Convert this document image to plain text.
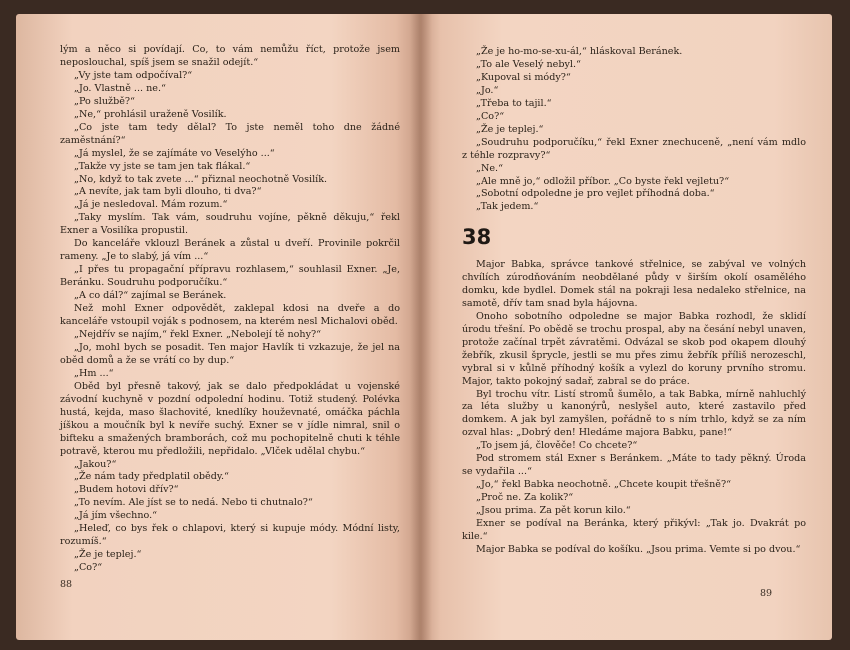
lým a něco si povídají. Co, to vám nemůžu říct, protože jsem neposlouchal, spíš jsem se snažil odejít.“

„Vy jste tam odpočíval?“

„Jo. Vlastně ... ne.“

„Po službě?“

„Ne,“ prohlásil uraženě Vosilík.

„Co jste tam tedy dělal? To jste neměl toho dne žádné zaměstnání?“

„Já myslel, že se zajímáte vo Veselýho ...“

„Takže vy jste se tam jen tak flákal.“

„No, když to tak zvete ...“ přiznal neochotně Vosilík.

„A nevíte, jak tam byli dlouho, ti dva?“

„Já je nesledoval. Mám rozum.“

„Taky myslím. Tak vám, soudruhu vojíne, pěkně děkuju,“ řekl Exner a Vosilíka propustil.

Do kanceláře vklouzl Beránek a zůstal u dveří. Provinile pokrčil rameny. „Je to slabý, já vím ...“

„I přes tu propagační přípravu rozhlasem,“ souhlasil Exner. „Je, Beránku. Soudruhu podporučíku.“

„A co dál?“ zajímal se Beránek.

Než mohl Exner odpovědět, zaklepal kdosi na dveře a do kanceláře vstoupil voják s podnosem, na kterém nesl Michalovi oběd.

„Nejdřív se najím,“ řekl Exner. „Nebolejí tě nohy?“

„Jo, mohl bych se posadit. Ten major Havlík ti vzkazuje, že jel na oběd domů a že se vrátí co by dup.“

„Hm ...“

Oběd byl přesně takový, jak se dalo předpokládat u vojenské závodní kuchyně v pozdní odpolední hodinu. Totiž studený. Polévka hustá, kejda, maso šlachovité, knedlíky houževnaté, omáčka páchla jíškou a moučník byl k nevíře suchý. Exner se v jídle nimral, snil o bifteku a smažených bramborách, což mu pochopitelně chuti k téhle potravě, kterou mu předložili, nepřidalo. „Vlček udělal chybu.“

„Jakou?“

„Že nám tady předplatil obědy.“

„Budem hotovi dřív?“

„To nevím. Ale jíst se to nedá. Nebo ti chutnalo?“

„Já jím všechno.“

„Heleď, co bys řek o chlapovi, který si kupuje módy. Módní listy, rozumíš.“

„Že je teplej.“

„Co?“

88

„Že je ho-mo-se-xu-ál,“ hláskoval Beránek.

„To ale Veselý nebyl.“

„Kupoval si módy?“

„Jo.“

„Třeba to tajil.“

„Co?“

„Že je teplej.“

„Soudruhu podporučíku,“ řekl Exner znechuceně, „není vám mdlo z téhle rozpravy?“

„Ne.“

„Ale mně jo,“ odložil příbor. „Co byste řekl vejletu?“

„Sobotní odpoledne je pro vejlet příhodná doba.“

„Tak jedem.“

38

Major Babka, správce tankové střelnice, se zabýval ve volných chvílích zúrodňováním neobdělané půdy v širším okolí osamělého domku, kde bydlel. Domek stál na pokraji lesa nedaleko střelnice, na samotě, dřív tam snad byla hájovna.

Onoho sobotního odpoledne se major Babka rozhodl, že sklidí úrodu třešní. Po obědě se trochu prospal, aby na česání nebyl unaven, protože začínal trpět závratěmi. Odvázal se skob pod okapem dlouhý žebřík, zkusil šprycle, jestli se mu přes zimu žebřík příliš nerozeschl, vybral si v kůlně příhodný košík a vylezl do koruny prvního stromu. Major, takto pokojný sadař, zabral se do práce.

Byl trochu vítr. Listí stromů šumělo, a tak Babka, mírně nahluchlý za léta služby u kanonýrů, neslyšel auto, které zastavilo před domkem. A jak byl zamyšlen, pořádně to s ním trhlo, když se za ním ozval hlas: „Dobrý den! Hledáme majora Babku, pane!“

„To jsem já, člověče! Co chcete?“

Pod stromem stál Exner s Beránkem. „Máte to tady pěkný. Úroda se vydařila ...“

„Jo,“ řekl Babka neochotně. „Chcete koupit třešně?“

„Proč ne. Za kolik?“

„Jsou prima. Za pět korun kilo.“

Exner se podíval na Beránka, který přikývl: „Tak jo. Dvakrát po kile.“

Major Babka se podíval do košíku. „Jsou prima. Vemte si po dvou.“

89
